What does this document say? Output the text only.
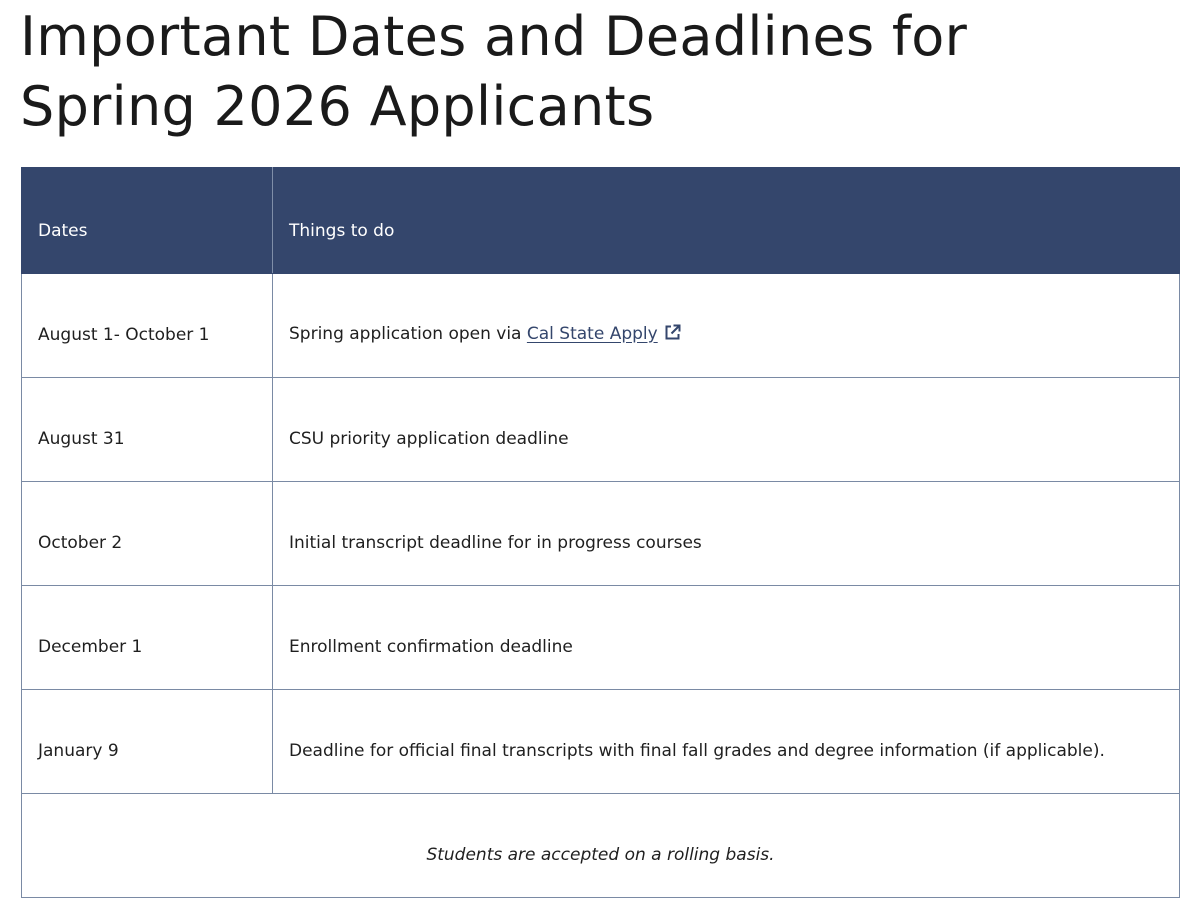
Important Dates and Deadlines for
Spring 2026 Applicants
Dates	Things to do
August 1- October 1	Spring application open via Cal State Apply
August 31	CSU priority application deadline
October 2	Initial transcript deadline for in progress courses
December 1	Enrollment confirmation deadline
January 9	Deadline for official final transcripts with final fall grades and degree information (if applicable).
Students are accepted on a rolling basis.	
